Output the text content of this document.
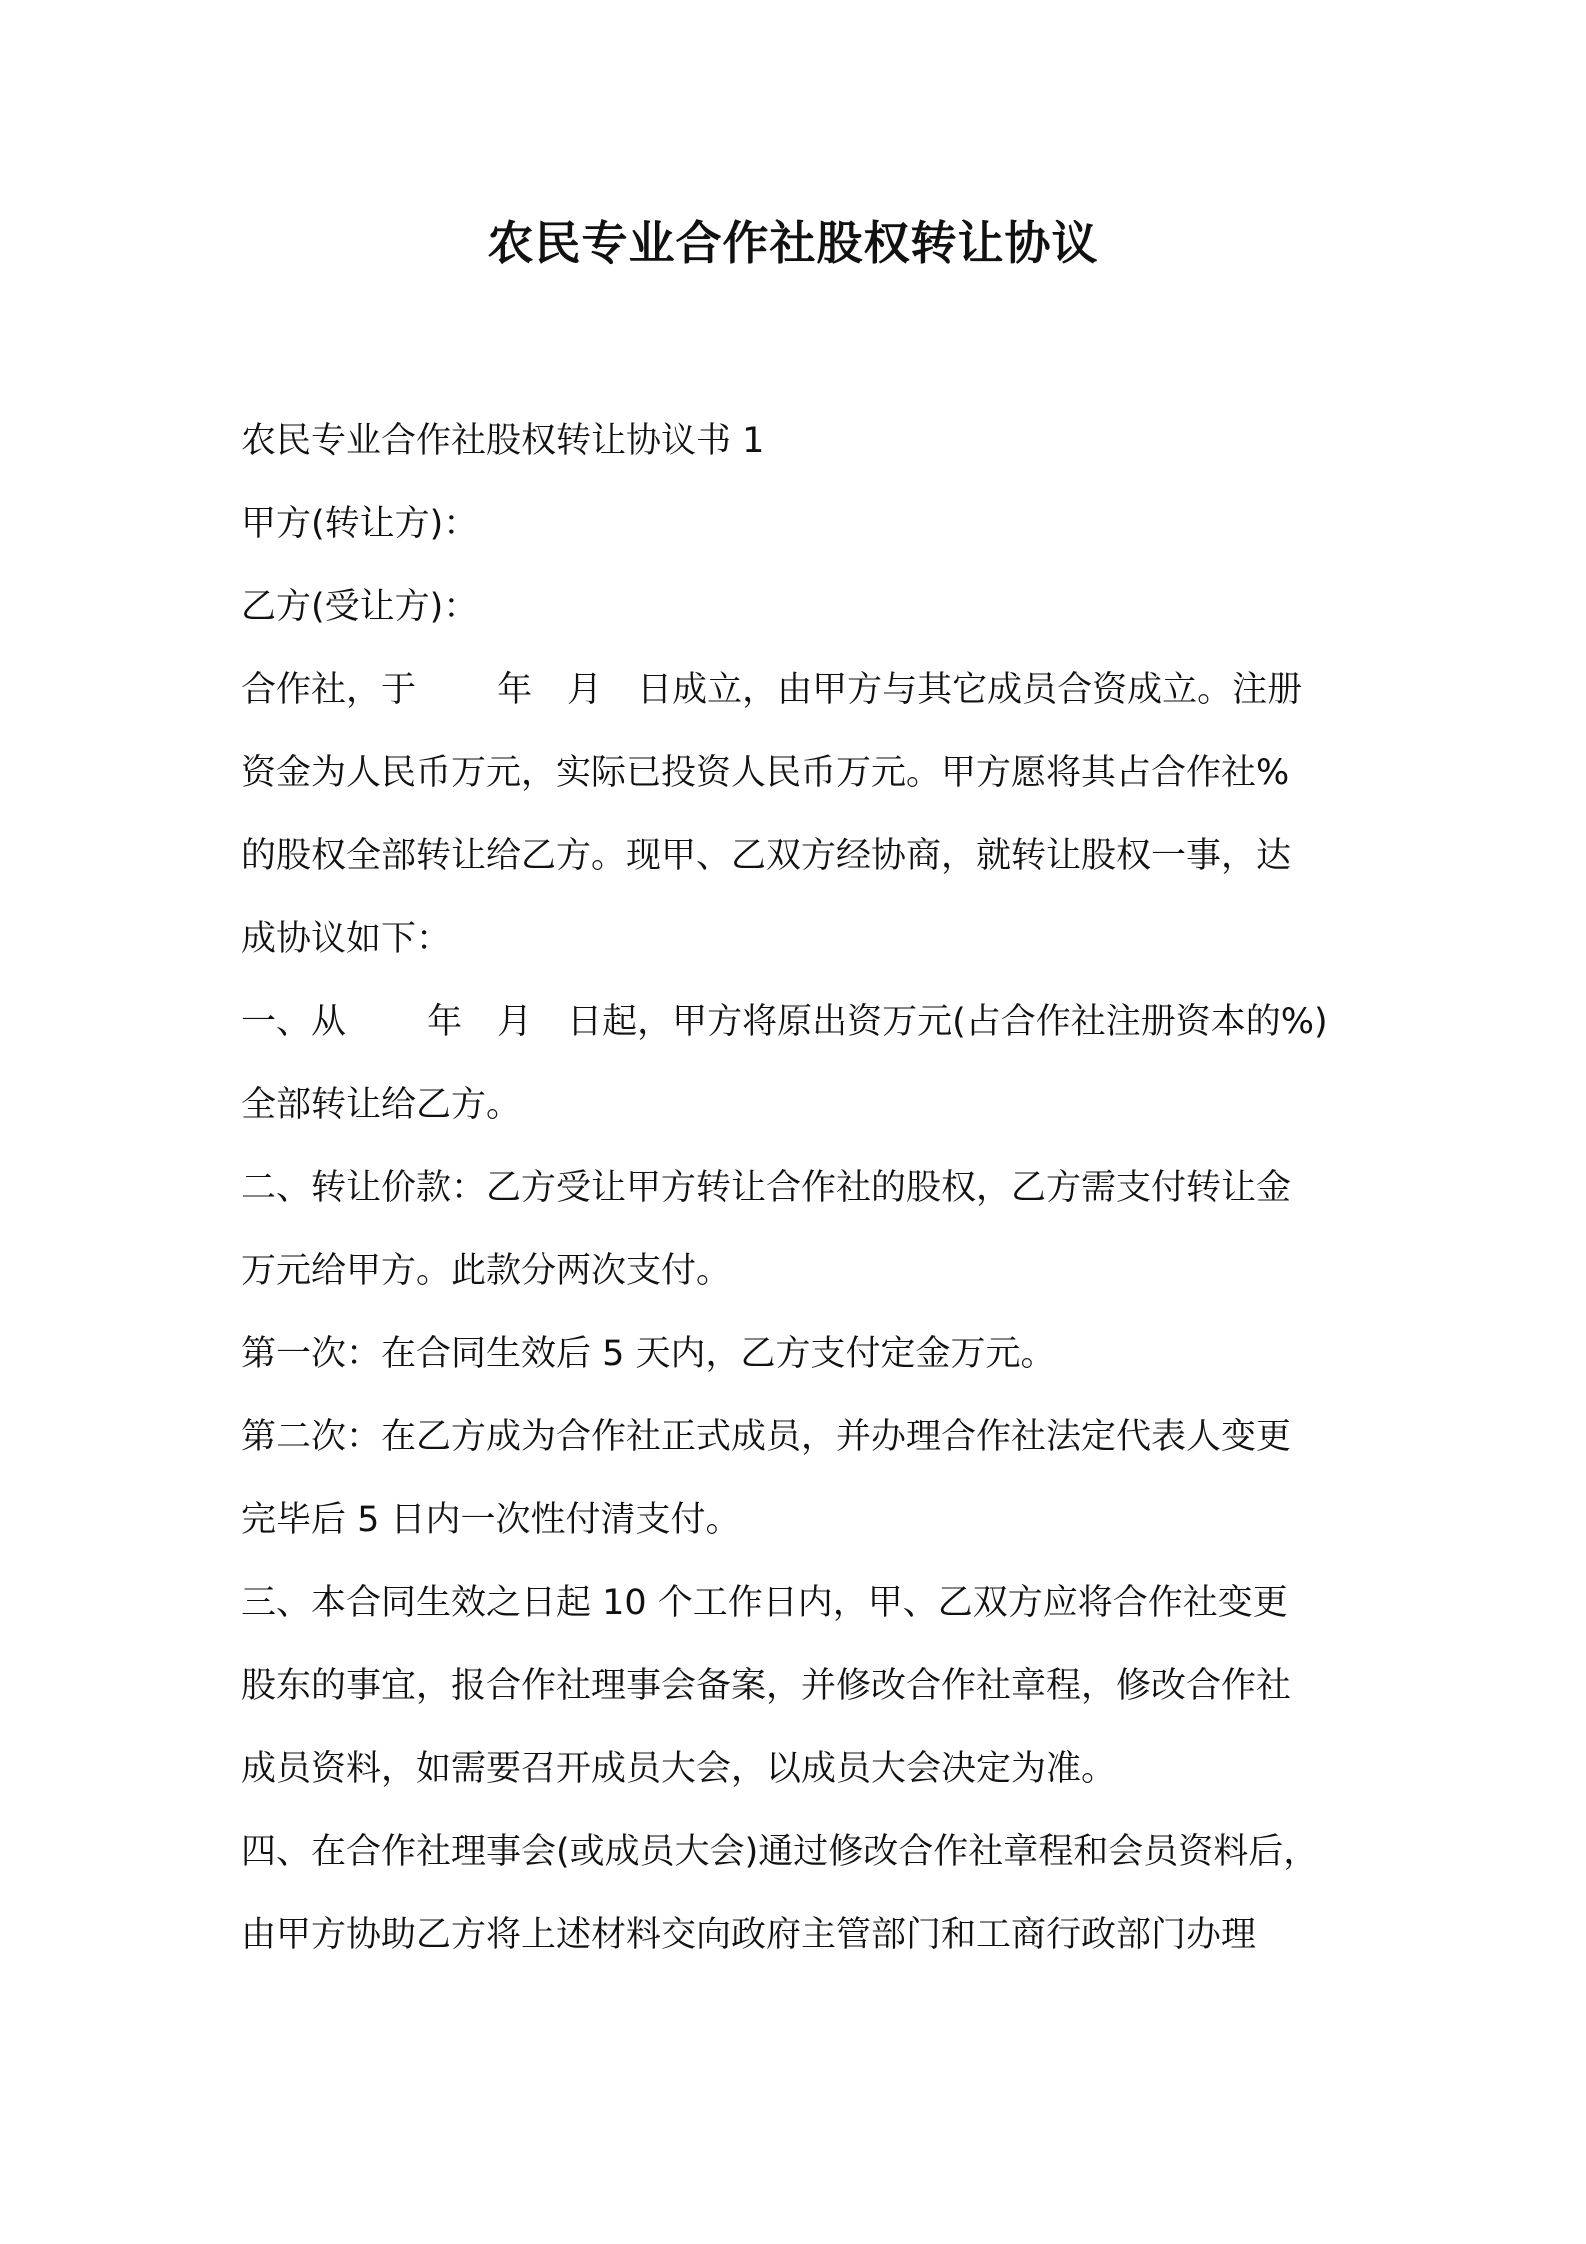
农民专业合作社股权转让协议
农民专业合作社股权转让协议书 1
甲方(转让方)：
乙方(受让方)：
合作社，于　　 年　月　日成立，由甲方与其它成员合资成立。注册
资金为人民币万元，实际已投资人民币万元。甲方愿将其占合作社%
的股权全部转让给乙方。现甲、乙双方经协商，就转让股权一事，达
成协议如下：
一、从　　 年　月　日起，甲方将原出资万元(占合作社注册资本的%)
全部转让给乙方。
二、转让价款：乙方受让甲方转让合作社的股权，乙方需支付转让金
万元给甲方。此款分两次支付。
第一次：在合同生效后 5 天内，乙方支付定金万元。
第二次：在乙方成为合作社正式成员，并办理合作社法定代表人变更
完毕后 5 日内一次性付清支付。
三、本合同生效之日起 10 个工作日内，甲、乙双方应将合作社变更
股东的事宜，报合作社理事会备案，并修改合作社章程，修改合作社
成员资料，如需要召开成员大会，以成员大会决定为准。
四、在合作社理事会(或成员大会)通过修改合作社章程和会员资料后，
由甲方协助乙方将上述材料交向政府主管部门和工商行政部门办理
